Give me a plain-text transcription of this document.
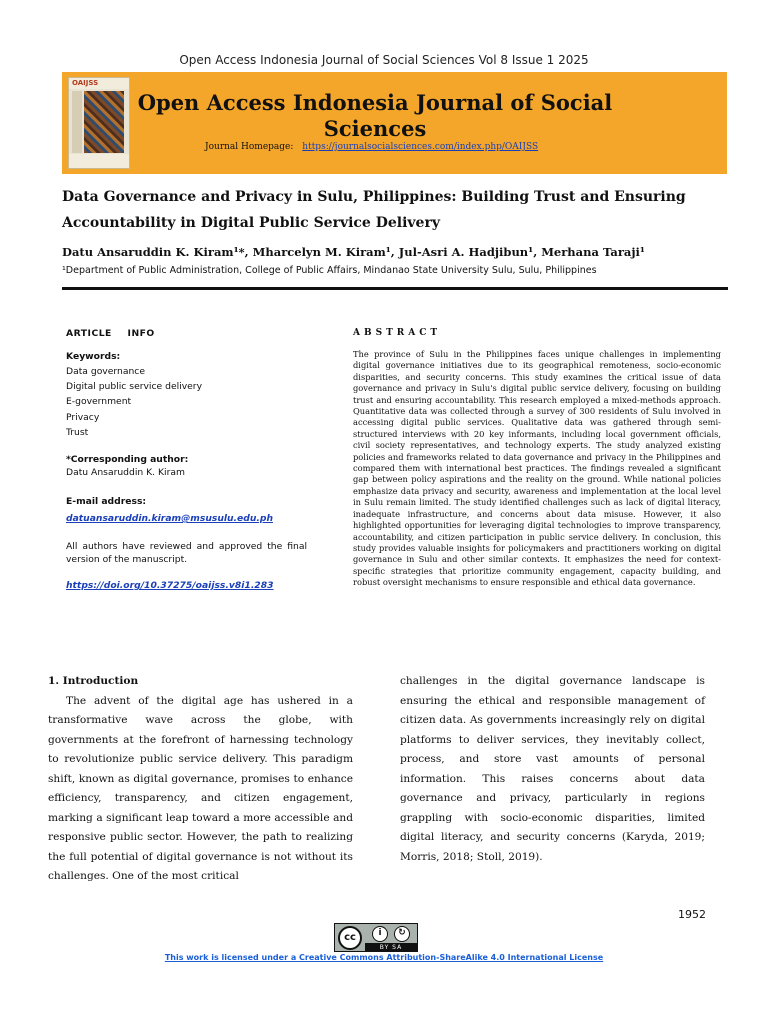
Open Access Indonesia Journal of Social Sciences Vol 8 Issue 1 2025
OAIJSS
Open Access Indonesia Journal of Social Sciences
Journal Homepage: https://journalsocialsciences.com/index.php/OAIJSS
Data Governance and Privacy in Sulu, Philippines: Building Trust and Ensuring Accountability in Digital Public Service Delivery
Datu Ansaruddin K. Kiram¹*, Mharcelyn M. Kiram¹, Jul-Asri A. Hadjibun¹, Merhana Taraji¹
¹Department of Public Administration, College of Public Affairs, Mindanao State University Sulu, Sulu, Philippines
ARTICLE INFO
Keywords:
Data governance
Digital public service delivery
E-government
Privacy
Trust
*Corresponding author:
Datu Ansaruddin K. Kiram
E-mail address:
datuansaruddin.kiram@msusulu.edu.ph
All authors have reviewed and approved the final version of the manuscript.
https://doi.org/10.37275/oaijss.v8i1.283
ABSTRACT
The province of Sulu in the Philippines faces unique challenges in implementing digital governance initiatives due to its geographical remoteness, socio-economic disparities, and security concerns. This study examines the critical issue of data governance and privacy in Sulu's digital public service delivery, focusing on building trust and ensuring accountability. This research employed a mixed-methods approach. Quantitative data was collected through a survey of 300 residents of Sulu involved in accessing digital public services. Qualitative data was gathered through semi-structured interviews with 20 key informants, including local government officials, civil society representatives, and technology experts. The study analyzed existing policies and frameworks related to data governance and privacy in the Philippines and compared them with international best practices. The findings revealed a significant gap between policy aspirations and the reality on the ground. While national policies emphasize data privacy and security, awareness and implementation at the local level in Sulu remain limited. The study identified challenges such as lack of digital literacy, inadequate infrastructure, and concerns about data misuse. However, it also highlighted opportunities for leveraging digital technologies to improve transparency, accountability, and citizen participation in public service delivery. In conclusion, this study provides valuable insights for policymakers and practitioners working on digital governance in Sulu and other similar contexts. It emphasizes the need for context-specific strategies that prioritize community engagement, capacity building, and robust oversight mechanisms to ensure responsible and ethical data governance.
1. Introduction
The advent of the digital age has ushered in a transformative wave across the globe, with governments at the forefront of harnessing technology to revolutionize public service delivery. This paradigm shift, known as digital governance, promises to enhance efficiency, transparency, and citizen engagement, marking a significant leap toward a more accessible and responsive public sector. However, the path to realizing the full potential of digital governance is not without its challenges. One of the most critical
challenges in the digital governance landscape is ensuring the ethical and responsible management of citizen data. As governments increasingly rely on digital platforms to deliver services, they inevitably collect, process, and store vast amounts of personal information. This raises concerns about data governance and privacy, particularly in regions grappling with socio-economic disparities, limited digital literacy, and security concerns (Karyda, 2019; Morris, 2018; Stoll, 2019).
1952
cc	i	↻
BY SA
This work is licensed under a Creative Commons Attribution-ShareAlike 4.0 International License
